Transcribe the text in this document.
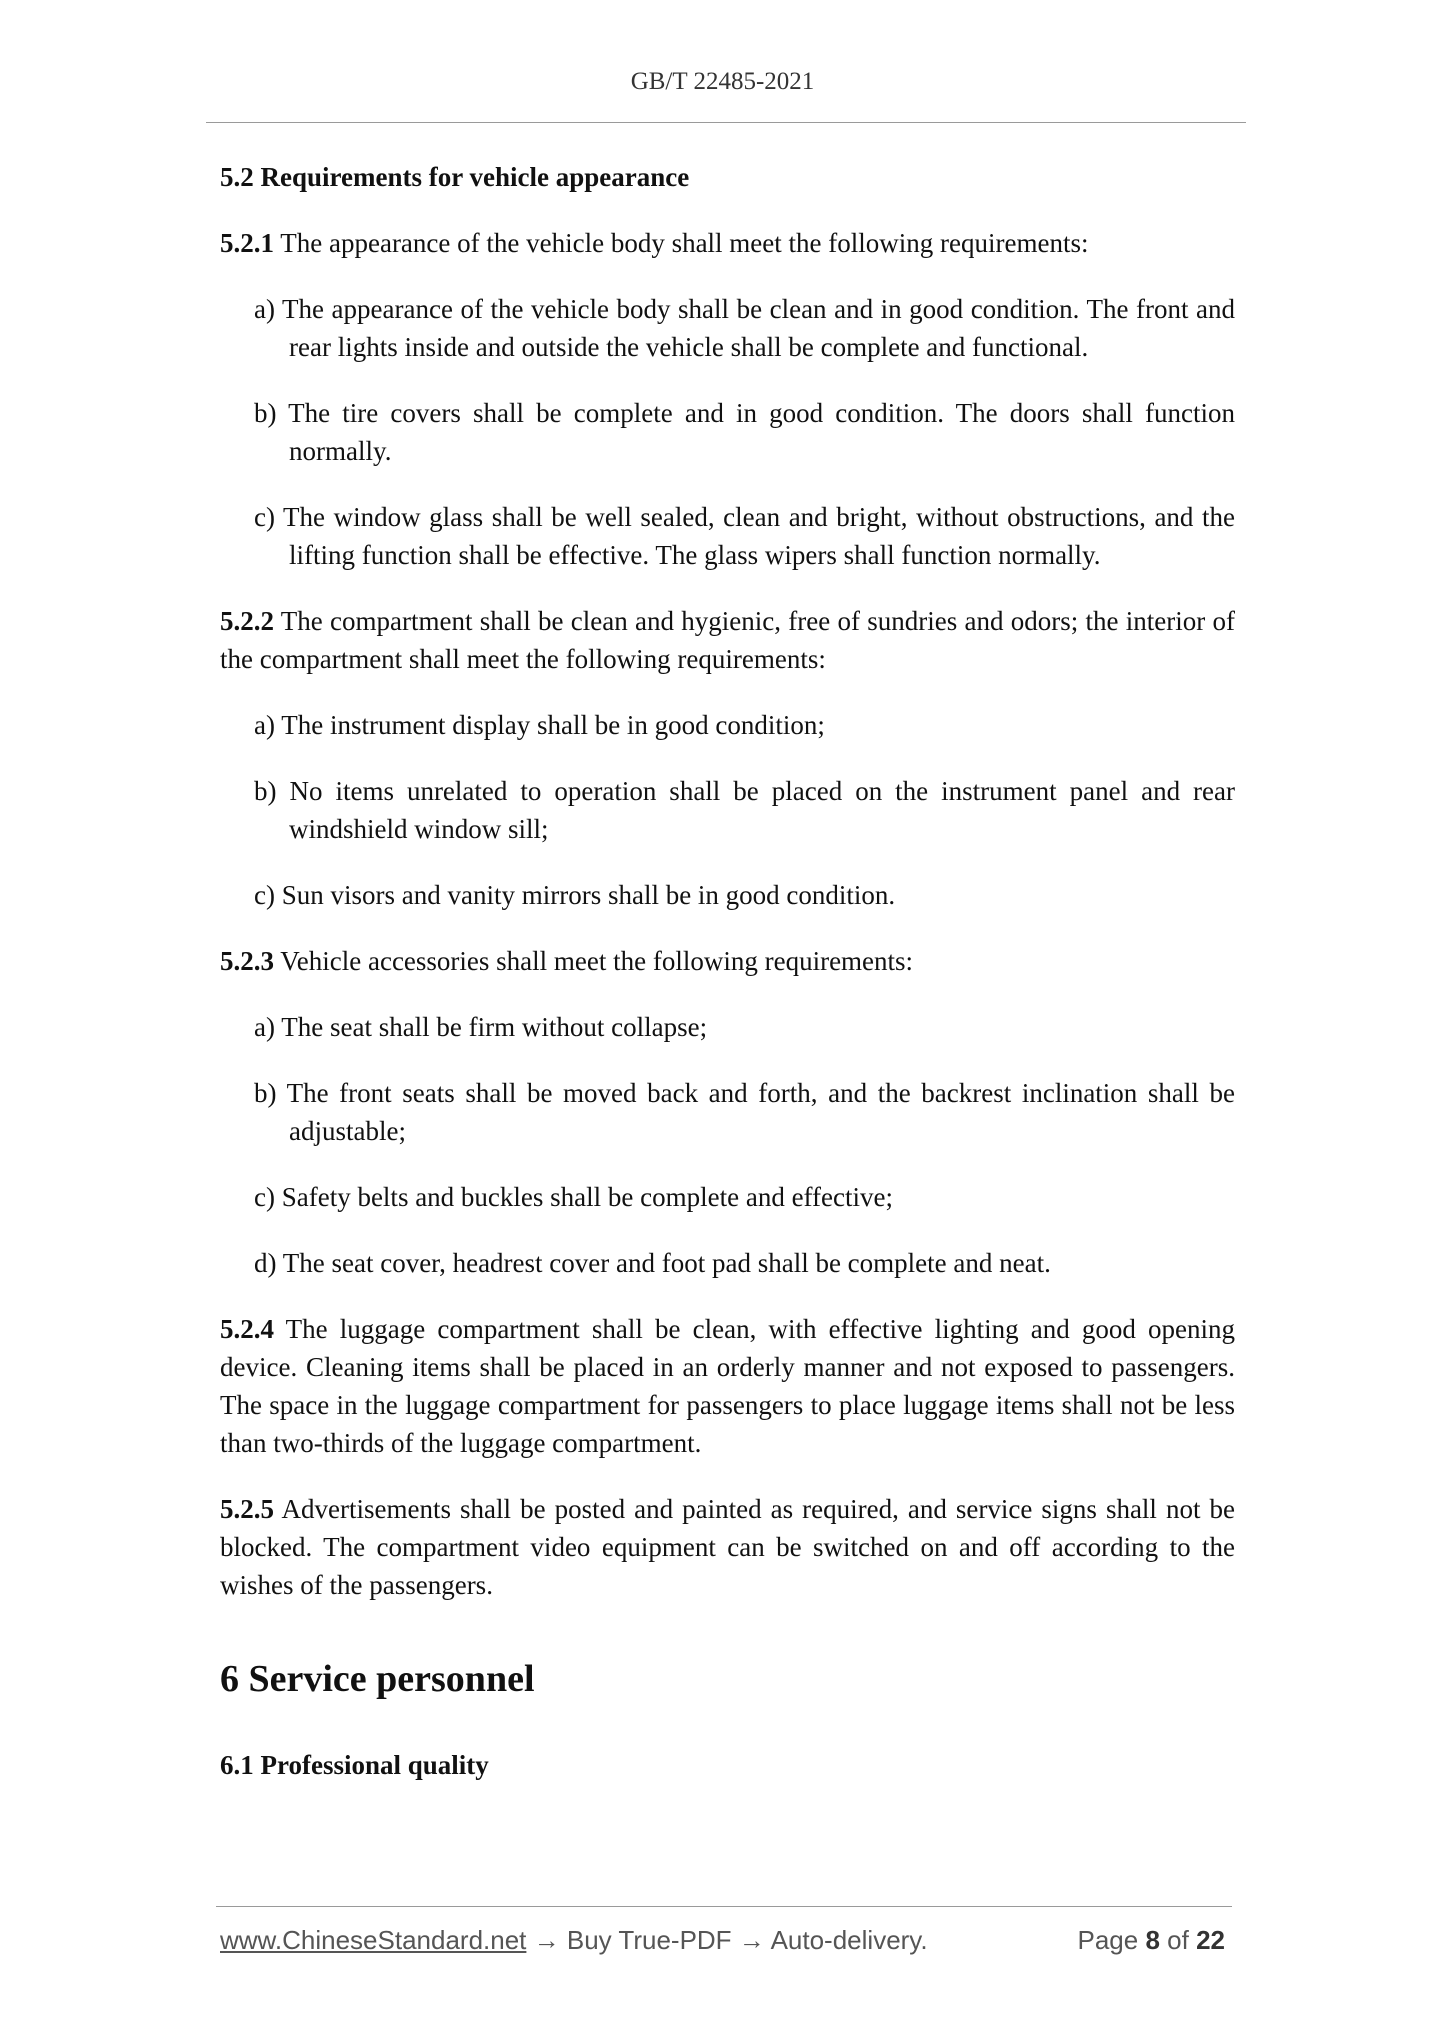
GB/T 22485-2021
5.2 Requirements for vehicle appearance
5.2.1 The appearance of the vehicle body shall meet the following requirements:
a) The appearance of the vehicle body shall be clean and in good condition. The front and rear lights inside and outside the vehicle shall be complete and functional.
b) The tire covers shall be complete and in good condition. The doors shall function normally.
c) The window glass shall be well sealed, clean and bright, without obstructions, and the lifting function shall be effective. The glass wipers shall function normally.
5.2.2 The compartment shall be clean and hygienic, free of sundries and odors; the interior of the compartment shall meet the following requirements:
a) The instrument display shall be in good condition;
b) No items unrelated to operation shall be placed on the instrument panel and rear windshield window sill;
c) Sun visors and vanity mirrors shall be in good condition.
5.2.3 Vehicle accessories shall meet the following requirements:
a) The seat shall be firm without collapse;
b) The front seats shall be moved back and forth, and the backrest inclination shall be adjustable;
c) Safety belts and buckles shall be complete and effective;
d) The seat cover, headrest cover and foot pad shall be complete and neat.
5.2.4 The luggage compartment shall be clean, with effective lighting and good opening device. Cleaning items shall be placed in an orderly manner and not exposed to passengers. The space in the luggage compartment for passengers to place luggage items shall not be less than two-thirds of the luggage compartment.
5.2.5 Advertisements shall be posted and painted as required, and service signs shall not be blocked. The compartment video equipment can be switched on and off according to the wishes of the passengers.
6 Service personnel
6.1 Professional quality
www.ChineseStandard.net → Buy True-PDF → Auto-delivery.	Page 8 of 22
